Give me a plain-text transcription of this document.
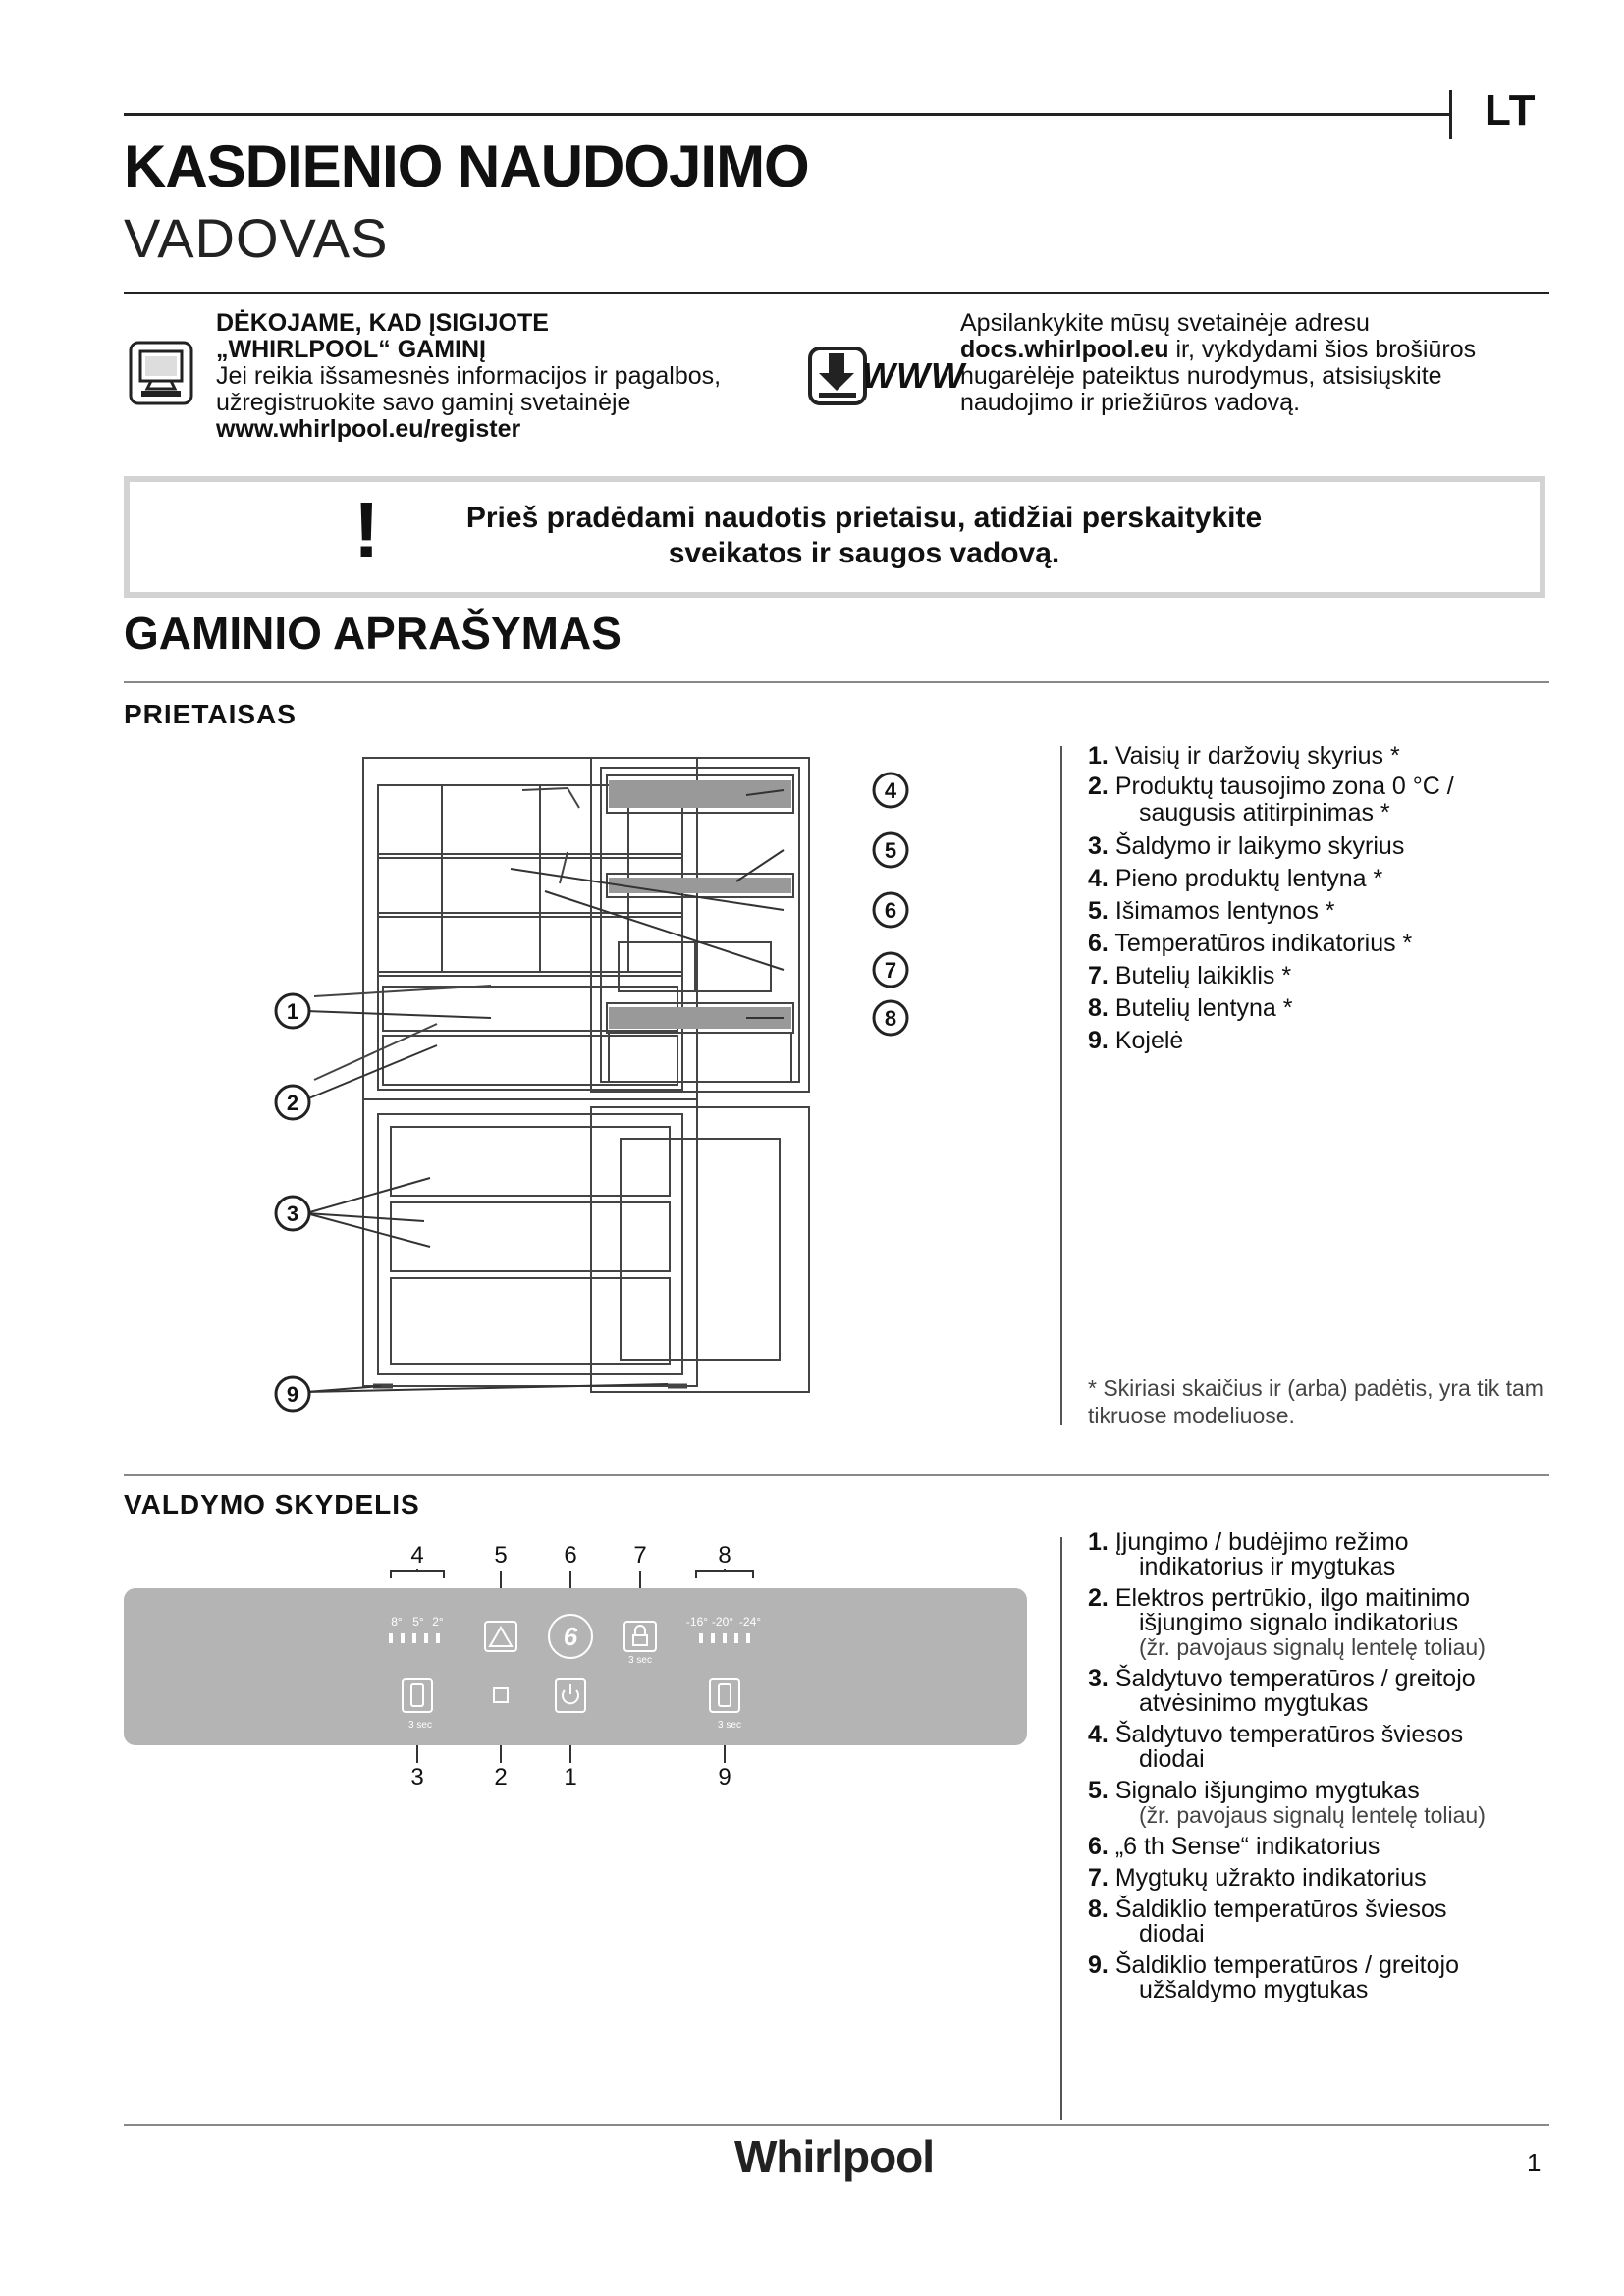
LT
KASDIENIO NAUDOJIMO
VADOVAS
DĖKOJAME, KAD ĮSIGIJOTE
„WHIRLPOOL“ GAMINĮ
Jei reikia išsamesnės informacijos ir pagalbos,
užregistruokite savo gaminį svetainėje
www.whirlpool.eu/register
WWW
Apsilankykite mūsų svetainėje adresu
docs.whirlpool.eu ir, vykdydami šios brošiūros
nugarėlėje pateiktus nurodymus, atsisiųskite
naudojimo ir priežiūros vadovą.
!	Prieš pradėdami naudotis prietaisu, atidžiai perskaitykite
sveikatos ir saugos vadovą.
GAMINIO APRAŠYMAS
PRIETAISAS
1
2
3
4
5
6
7
8
9
1. Vaisių ir daržovių skyrius *
2. Produktų tausojimo zona 0 °C /
saugusis atitirpinimas *
3. Šaldymo ir laikymo skyrius
4. Pieno produktų lentyna *
5. Išimamos lentynos *
6. Temperatūros indikatorius *
7. Butelių laikiklis *
8. Butelių lentyna *
9. Kojelė
* Skiriasi skaičius ir (arba) padėtis, yra tik tam tikruose modeliuose.
VALDYMO SKYDELIS
4	5 6 7	8
3	2 1	9
8° 5° 2°	-16° -20° -24°
3 sec
3 sec	3 sec
6
1. Įjungimo / budėjimo režimo
indikatorius ir mygtukas
2. Elektros pertrūkio, ilgo maitinimo
išjungimo signalo indikatorius
(žr. pavojaus signalų lentelę toliau)
3. Šaldytuvo temperatūros / greitojo
atvėsinimo mygtukas
4. Šaldytuvo temperatūros šviesos
diodai
5. Signalo išjungimo mygtukas
(žr. pavojaus signalų lentelę toliau)
6. „6 th Sense“ indikatorius
7. Mygtukų užrakto indikatorius
8. Šaldiklio temperatūros šviesos
diodai
9. Šaldiklio temperatūros / greitojo
užšaldymo mygtukas
Whirlpool	1
